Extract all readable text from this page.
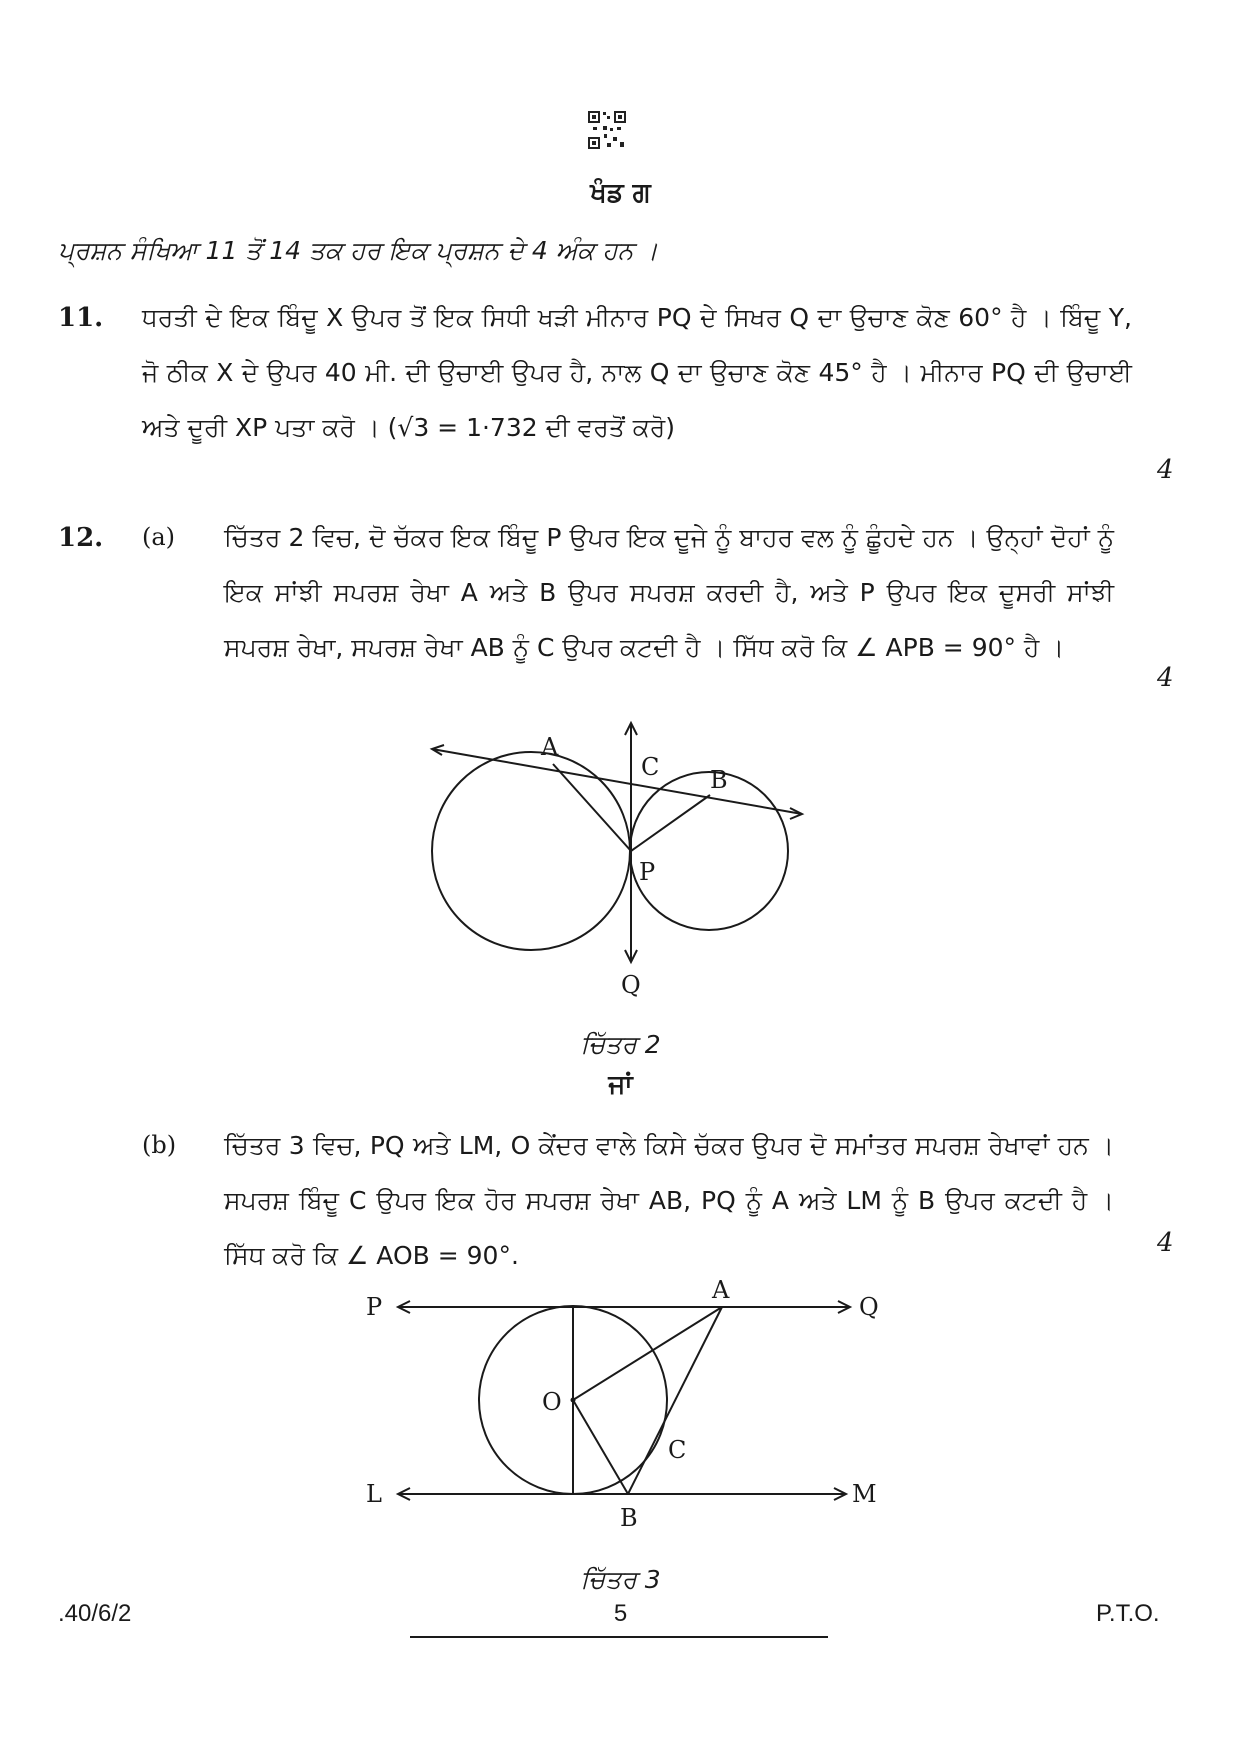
ਖੰਡ ਗ
ਪ੍ਰਸ਼ਨ ਸੰਖਿਆ 11 ਤੋਂ 14 ਤਕ ਹਰ ਇਕ ਪ੍ਰਸ਼ਨ ਦੇ 4 ਅੰਕ ਹਨ ।
11. ਧਰਤੀ ਦੇ ਇਕ ਬਿੰਦੂ X ਉਪਰ ਤੋਂ ਇਕ ਸਿਧੀ ਖੜੀ ਮੀਨਾਰ PQ ਦੇ ਸਿਖਰ Q ਦਾ ਉਚਾਣ ਕੋਣ 60° ਹੈ । ਬਿੰਦੂ Y, ਜੋ ਠੀਕ X ਦੇ ਉਪਰ 40 ਮੀ. ਦੀ ਉਚਾਈ ਉਪਰ ਹੈ, ਨਾਲ Q ਦਾ ਉਚਾਣ ਕੋਣ 45° ਹੈ । ਮੀਨਾਰ PQ ਦੀ ਉਚਾਈ ਅਤੇ ਦੂਰੀ XP ਪਤਾ ਕਰੋ । (√3 = 1·732 ਦੀ ਵਰਤੋਂ ਕਰੋ)
4
12. (a) ਚਿੱਤਰ 2 ਵਿਚ, ਦੋ ਚੱਕਰ ਇਕ ਬਿੰਦੂ P ਉਪਰ ਇਕ ਦੂਜੇ ਨੂੰ ਬਾਹਰ ਵਲ ਨੂੰ ਛੂੰਹਦੇ ਹਨ । ਉਨ੍ਹਾਂ ਦੋਹਾਂ ਨੂੰ ਇਕ ਸਾਂਝੀ ਸਪਰਸ਼ ਰੇਖਾ A ਅਤੇ B ਉਪਰ ਸਪਰਸ਼ ਕਰਦੀ ਹੈ, ਅਤੇ P ਉਪਰ ਇਕ ਦੂਸਰੀ ਸਾਂਝੀ ਸਪਰਸ਼ ਰੇਖਾ, ਸਪਰਸ਼ ਰੇਖਾ AB ਨੂੰ C ਉਪਰ ਕਟਦੀ ਹੈ । ਸਿੱਧ ਕਰੋ ਕਿ ∠ APB = 90° ਹੈ ।
4
A
C B
P
Q
ਚਿੱਤਰ 2
ਜਾਂ
(b) ਚਿੱਤਰ 3 ਵਿਚ, PQ ਅਤੇ LM, O ਕੇਂਦਰ ਵਾਲੇ ਕਿਸੇ ਚੱਕਰ ਉਪਰ ਦੋ ਸਮਾਂਤਰ ਸਪਰਸ਼ ਰੇਖਾਵਾਂ ਹਨ । ਸਪਰਸ਼ ਬਿੰਦੂ C ਉਪਰ ਇਕ ਹੋਰ ਸਪਰਸ਼ ਰੇਖਾ AB, PQ ਨੂੰ A ਅਤੇ LM ਨੂੰ B ਉਪਰ ਕਟਦੀ ਹੈ । ਸਿੱਧ ਕਰੋ ਕਿ ∠ AOB = 90°.	4
P
A
Q
O
C
L	M
B
ਚਿੱਤਰ 3
.40/6/2	5	P.T.O.
